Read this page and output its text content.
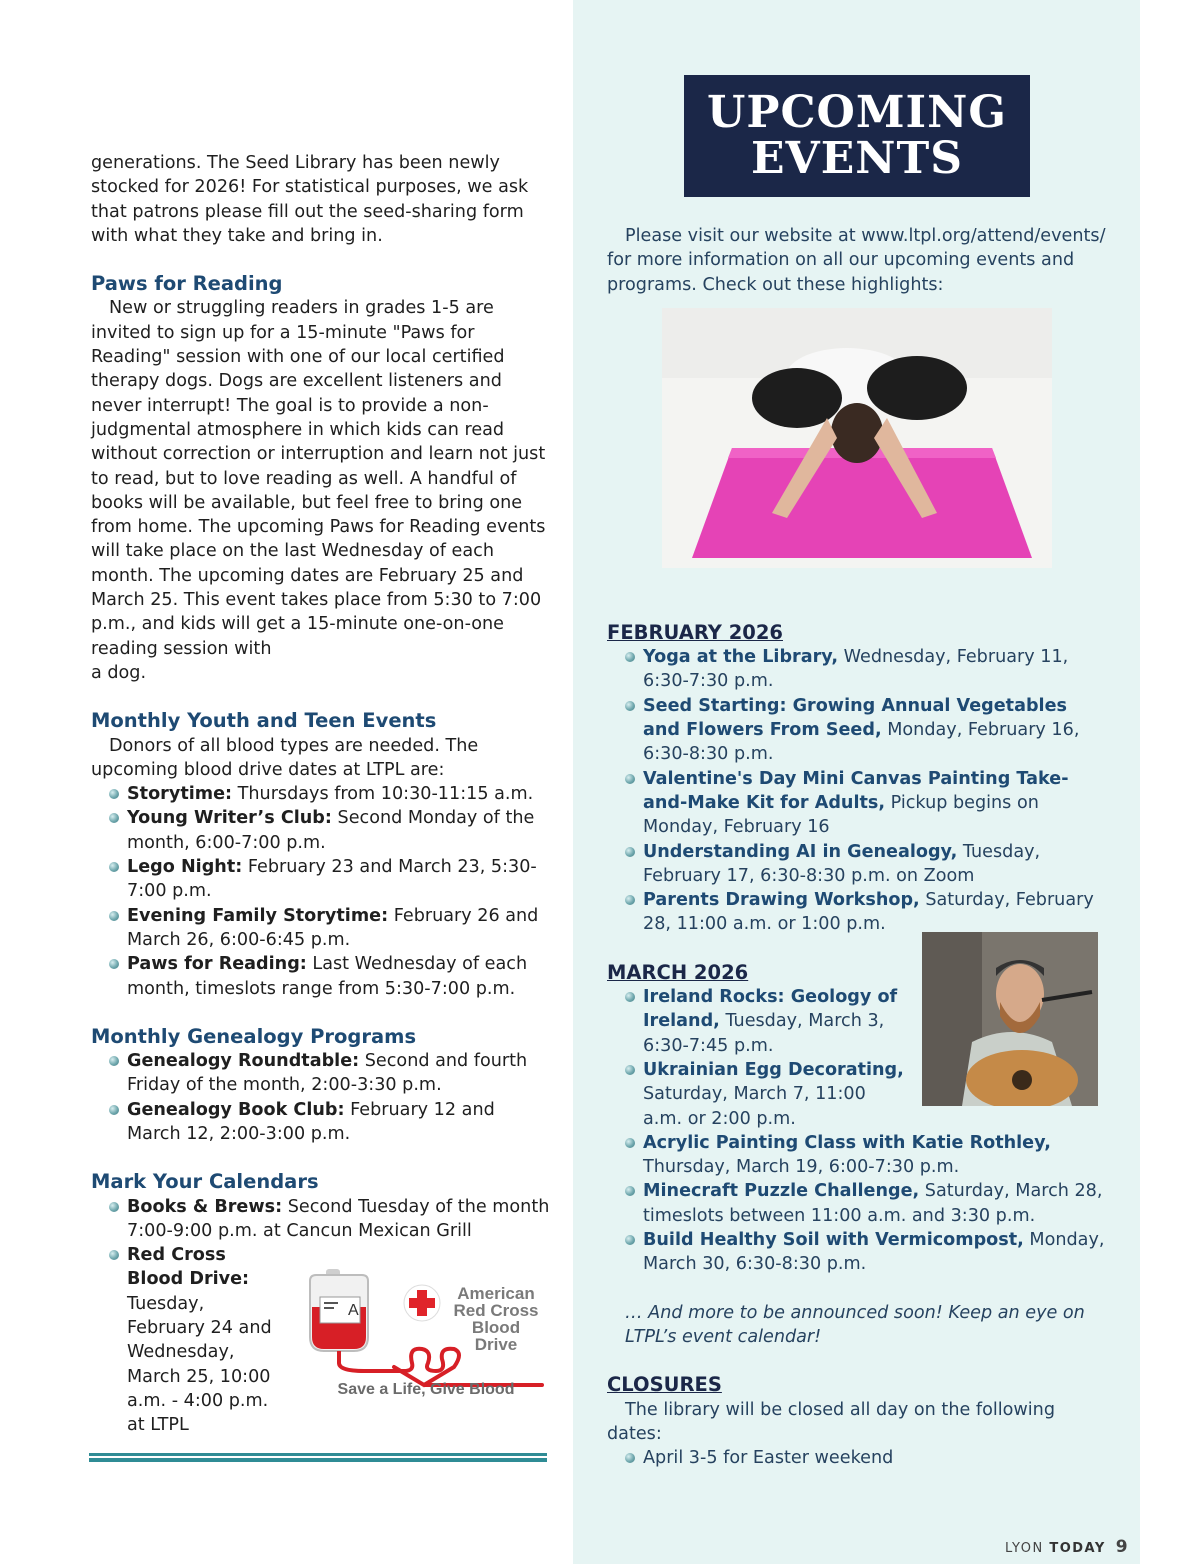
generations. The Seed Library has been newly stocked for 2026! For statistical purposes, we ask that patrons please fill out the seed-sharing form with what they take and bring in.

Paws for Reading

New or struggling readers in grades 1-5 are invited to sign up for a 15-minute "Paws for Reading" session with one of our local certified therapy dogs. Dogs are excellent listeners and never interrupt! The goal is to provide a non-judgmental atmosphere in which kids can read without correction or interruption and learn not just to read, but to love reading as well. A handful of books will be available, but feel free to bring one from home. The upcoming Paws for Reading events will take place on the last Wednesday of each month. The upcoming dates are February 25 and March 25. This event takes place from 5:30 to 7:00 p.m., and kids will get a 15-minute one-on-one reading session with

a dog.

Monthly Youth and Teen Events

Donors of all blood types are needed. The upcoming blood drive dates at LTPL are:

Storytime: Thursdays from 10:30-11:15 a.m.
Young Writer’s Club: Second Monday of the month, 6:00-7:00 p.m.
Lego Night: February 23 and March 23, 5:30-7:00 p.m.
Evening Family Storytime: February 26 and March 26, 6:00-6:45 p.m.
Paws for Reading: Last Wednesday of each month, timeslots range from 5:30-7:00 p.m.
Monthly Genealogy Programs
Genealogy Roundtable: Second and fourth Friday of the month, 2:00-3:30 p.m.
Genealogy Book Club: February 12 and March 12, 2:00-3:00 p.m.
Mark Your Calendars
Books & Brews: Second Tuesday of the month 7:00-9:00 p.m. at Cancun Mexican Grill
Red Cross Blood Drive: Tuesday, February 24 and Wednesday, March 25, 10:00 a.m. - 4:00 p.m. at LTPL
A
American
Red Cross
Blood
Drive
Save a Life, Give Blood
UPCOMING
EVENTS

Please visit our website at www.ltpl.org/attend/events/ for more information on all our upcoming events and programs. Check out these highlights:

FEBRUARY 2026
Yoga at the Library, Wednesday, February 11, 6:30-7:30 p.m.
Seed Starting: Growing Annual Vegetables and Flowers From Seed, Monday, February 16, 6:30-8:30 p.m.
Valentine's Day Mini Canvas Painting Take-and-Make Kit for Adults, Pickup begins on Monday, February 16
Understanding AI in Genealogy, Tuesday, February 17, 6:30-8:30 p.m. on Zoom
Parents Drawing Workshop, Saturday, February 28, 11:00 a.m. or 1:00 p.m.
MARCH 2026
Ireland Rocks: Geology of Ireland, Tuesday, March 3, 6:30-7:45 p.m.
Ukrainian Egg Decorating, Saturday, March 7, 11:00 a.m. or 2:00 p.m.
Acrylic Painting Class with Katie Rothley, Thursday, March 19, 6:00-7:30 p.m.
Minecraft Puzzle Challenge, Saturday, March 28, timeslots between 11:00 a.m. and 3:30 p.m.
Build Healthy Soil with Vermicompost, Monday, March 30, 6:30-8:30 p.m.

… And more to be announced soon! Keep an eye on LTPL’s event calendar!

CLOSURES

The library will be closed all day on the following dates:

April 3-5 for Easter weekend
LYON TODAY 9
